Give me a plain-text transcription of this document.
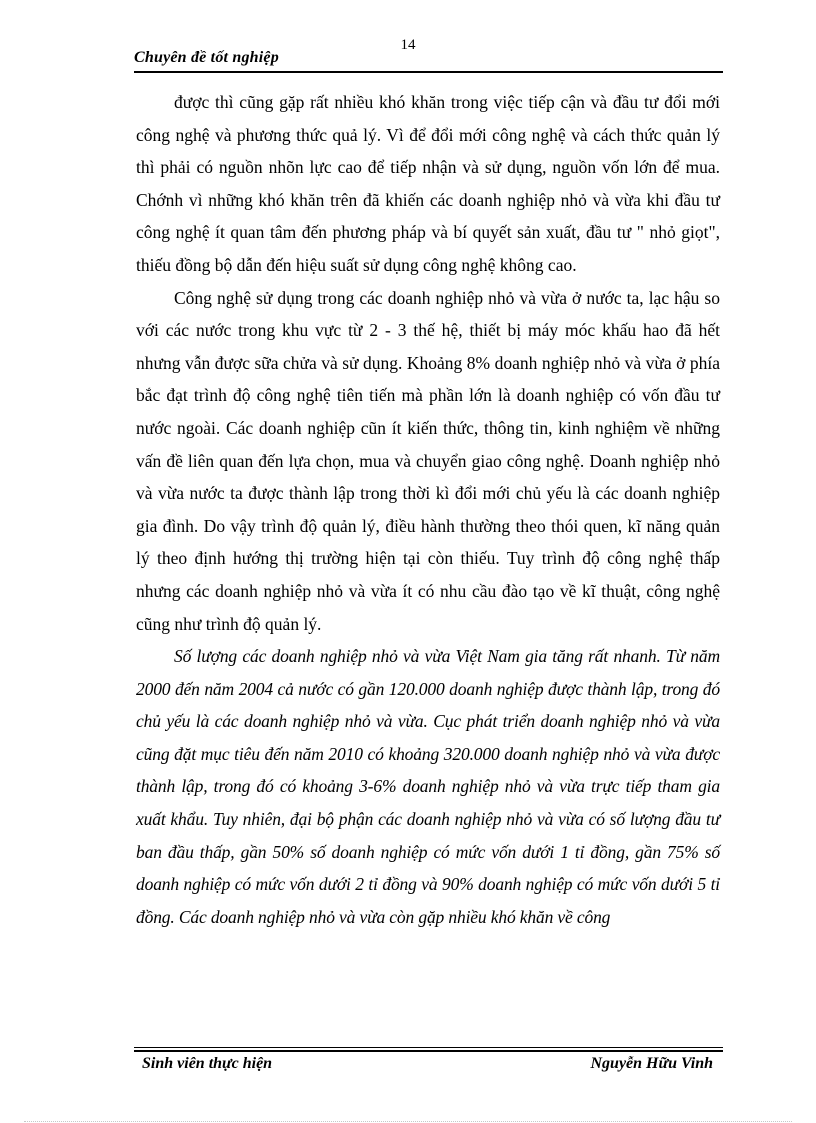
14
Chuyên đề tốt nghiệp

được thì cũng gặp rất nhiều khó khăn trong việc tiếp cận và đầu tư đổi mới công nghệ và phương thức quả lý. Vì để đổi mới công nghệ và cách thức quản lý thì phải có nguồn nhõn lực cao để tiếp nhận và sử dụng, nguồn vốn lớn để mua. Chớnh vì những khó khăn trên đã khiến các doanh nghiệp nhỏ và vừa khi đầu tư công nghệ ít quan tâm đến phương pháp và bí quyết sản xuất, đầu tư " nhỏ giọt", thiếu đồng bộ dẫn đến hiệu suất sử dụng công nghệ không cao.

Công nghệ sử dụng trong các doanh nghiệp nhỏ và vừa ở nước ta, lạc hậu so với các nước trong khu vực từ 2 - 3 thế hệ, thiết bị máy móc khấu hao đã hết nhưng vẫn được sữa chửa và sử dụng. Khoảng 8% doanh nghiệp nhỏ và vừa ở phía bắc đạt trình độ công nghệ tiên tiến mà phần lớn là doanh nghiệp có vốn đầu tư nước ngoài. Các doanh nghiệp cũn ít kiến thức, thông tin, kinh nghiệm về những vấn đề liên quan đến lựa chọn, mua và chuyển giao công nghệ. Doanh nghiệp nhỏ và vừa nước ta được thành lập trong thời kì đổi mới chủ yếu là các doanh nghiệp gia đình. Do vậy trình độ quản lý, điều hành thường theo thói quen, kĩ năng quản lý theo định hướng thị trường hiện tại còn thiếu. Tuy trình độ công nghệ thấp nhưng các doanh nghiệp nhỏ và vừa ít có nhu cầu đào tạo về kĩ thuật, công nghệ cũng như trình độ quản lý.

Số lượng các doanh nghiệp nhỏ và vừa Việt Nam gia tăng rất nhanh. Từ năm 2000 đến năm 2004 cả nước có gần 120.000 doanh nghiệp được thành lập, trong đó chủ yếu là các doanh nghiệp nhỏ và vừa. Cục phát triển doanh nghiệp nhỏ và vừa cũng đặt mục tiêu đến năm 2010 có khoảng 320.000 doanh nghiệp nhỏ và vừa được thành lập, trong đó có khoảng 3-6% doanh nghiệp nhỏ và vừa trực tiếp tham gia xuất khẩu. Tuy nhiên, đại bộ phận các doanh nghiệp nhỏ và vừa có số lượng đầu tư ban đầu thấp, gần 50% số doanh nghiệp có mức vốn dưới 1 tỉ đồng, gần 75% số doanh nghiệp có mức vốn dưới 2 tỉ đồng và 90% doanh nghiệp có mức vốn dưới 5 tỉ đồng. Các doanh nghiệp nhỏ và vừa còn gặp nhiều khó khăn về công

Sinh viên thực hiện	Nguyễn Hữu Vinh
